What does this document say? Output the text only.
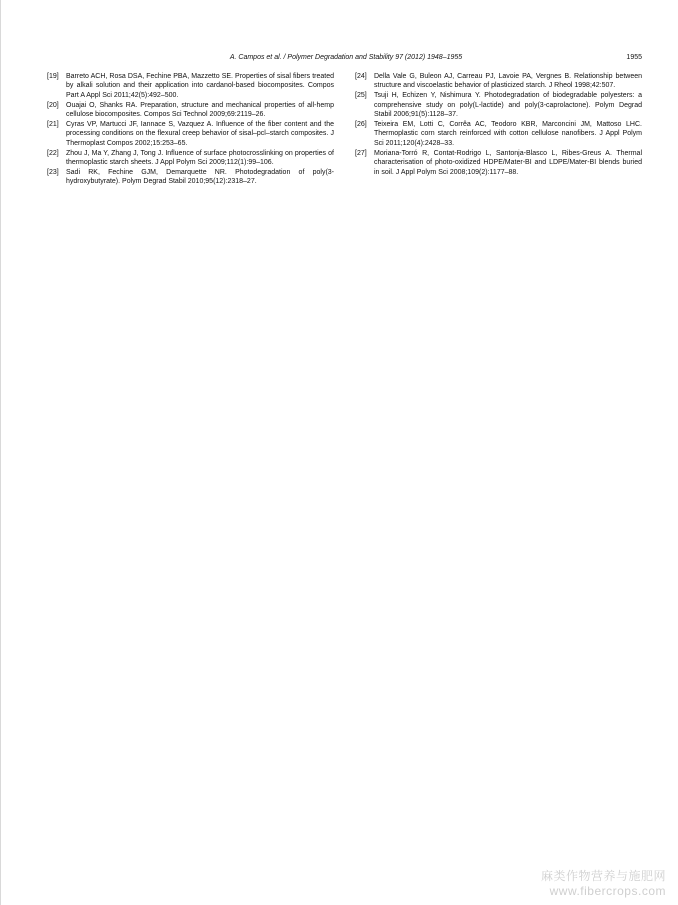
A. Campos et al. / Polymer Degradation and Stability 97 (2012) 1948–1955	1955
[19]	Barreto ACH, Rosa DSA, Fechine PBA, Mazzetto SE. Properties of sisal fibers treated by alkali solution and their application into cardanol-based biocomposites. Compos Part A Appl Sci 2011;42(5):492–500.
[20]	Ouajai O, Shanks RA. Preparation, structure and mechanical properties of all-hemp cellulose biocomposites. Compos Sci Technol 2009;69:2119–26.
[21]	Cyras VP, Martucci JF, Iannace S, Vazquez A. Influence of the fiber content and the processing conditions on the flexural creep behavior of sisal–pcl–starch composites. J Thermoplast Compos 2002;15:253–65.
[22]	Zhou J, Ma Y, Zhang J, Tong J. Influence of surface photocrosslinking on properties of thermoplastic starch sheets. J Appl Polym Sci 2009;112(1):99–106.
[23]	Sadi RK, Fechine GJM, Demarquette NR. Photodegradation of poly(3-hydroxybutyrate). Polym Degrad Stabil 2010;95(12):2318–27.
[24]	Della Vale G, Buleon AJ, Carreau PJ, Lavoie PA, Vergnes B. Relationship between structure and viscoelastic behavior of plasticized starch. J Rheol 1998;42:507.
[25]	Tsuji H, Echizen Y, Nishimura Y. Photodegradation of biodegradable polyesters: a comprehensive study on poly(L-lactide) and poly(3-caprolactone). Polym Degrad Stabil 2006;91(5):1128–37.
[26]	Teixeira EM, Lotti C, Corrêa AC, Teodoro KBR, Marconcini JM, Mattoso LHC. Thermoplastic corn starch reinforced with cotton cellulose nanofibers. J Appl Polym Sci 2011;120(4):2428–33.
[27]	Moriana-Torró R, Contat-Rodrigo L, Santonja-Blasco L, Ribes-Greus A. Thermal characterisation of photo-oxidized HDPE/Mater-BI and LDPE/Mater-BI blends buried in soil. J Appl Polym Sci 2008;109(2):1177–88.
麻类作物营养与施肥网
www.fibercrops.com
